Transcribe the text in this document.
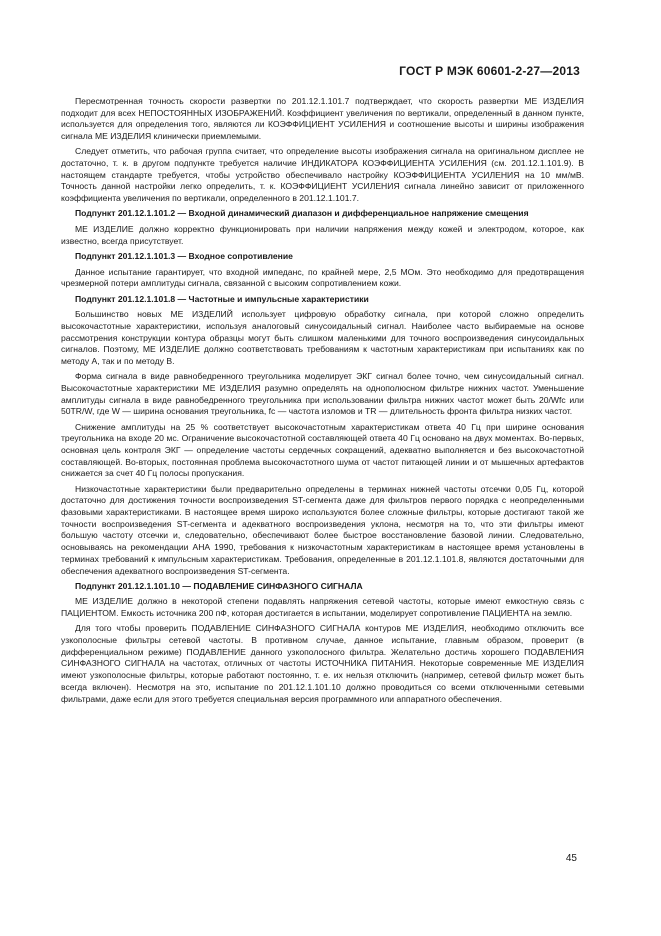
ГОСТ Р МЭК 60601-2-27—2013

Пересмотренная точность скорости развертки по 201.12.1.101.7 подтверждает, что скорость развертки МЕ ИЗДЕЛИЯ подходит для всех НЕПОСТОЯННЫХ ИЗОБРАЖЕНИЙ. Коэффициент увеличения по вертикали, определенный в данном пункте, используется для определения того, являются ли КОЭФФИЦИЕНТ УСИЛЕНИЯ и соотношение высоты и ширины изображения сигнала МЕ ИЗДЕЛИЯ клинически приемлемыми.

Следует отметить, что рабочая группа считает, что определение высоты изображения сигнала на оригинальном дисплее не достаточно, т. к. в другом подпункте требуется наличие ИНДИКАТОРА КОЭФФИЦИЕНТА УСИЛЕНИЯ (см. 201.12.1.101.9). В настоящем стандарте требуется, чтобы устройство обеспечивало настройку КОЭФФИЦИЕНТА УСИЛЕНИЯ на 10 мм/мВ. Точность данной настройки легко определить, т. к. КОЭФФИЦИЕНТ УСИЛЕНИЯ сигнала линейно зависит от приложенного коэффициента увеличения по вертикали, определенного в 201.12.1.101.7.

Подпункт 201.12.1.101.2 — Входной динамический диапазон и дифференциальное напряжение смещения

МЕ ИЗДЕЛИЕ должно корректно функционировать при наличии напряжения между кожей и электродом, которое, как известно, всегда присутствует.

Подпункт 201.12.1.101.3 — Входное сопротивление

Данное испытание гарантирует, что входной импеданс, по крайней мере, 2,5 МОм. Это необходимо для предотвращения чрезмерной потери амплитуды сигнала, связанной с высоким сопротивлением кожи.

Подпункт 201.12.1.101.8 — Частотные и импульсные характеристики

Большинство новых МЕ ИЗДЕЛИЙ использует цифровую обработку сигнала, при которой сложно определить высокочастотные характеристики, используя аналоговый синусоидальный сигнал. Наиболее часто выбираемые на основе рассмотрения конструкции контура образцы могут быть слишком маленькими для точного воспроизведения синусоидальных сигналов. Поэтому, МЕ ИЗДЕЛИЕ должно соответствовать требованиям к частотным характеристикам при испытаниях как по методу А, так и по методу В.

Форма сигнала в виде равнобедренного треугольника моделирует ЭКГ сигнал более точно, чем синусоидальный сигнал. Высокочастотные характеристики МЕ ИЗДЕЛИЯ разумно определять на однополюсном фильтре нижних частот. Уменьшение амплитуды сигнала в виде равнобедренного треугольника при использовании фильтра нижних частот может быть 20/Wfc или 50TR/W, где W — ширина основания треугольника, fc — частота изломов и TR — длительность фронта фильтра низких частот.

Снижение амплитуды на 25 % соответствует высокочастотным характеристикам ответа 40 Гц при ширине основания треугольника на входе 20 мс. Ограничение высокочастотной составляющей ответа 40 Гц основано на двух моментах. Во-первых, основная цель контроля ЭКГ — определение частоты сердечных сокращений, адекватно выполняется и без высокочастотной составляющей. Во-вторых, постоянная проблема высокочастотного шума от частот питающей линии и от мышечных артефактов снижается за счет 40 Гц полосы пропускания.

Низкочастотные характеристики были предварительно определены в терминах нижней частоты отсечки 0,05 Гц, которой достаточно для достижения точности воспроизведения ST-сегмента даже для фильтров первого порядка с неопределенными фазовыми характеристиками. В настоящее время широко используются более сложные фильтры, которые достигают такой же точности воспроизведения ST-сегмента и адекватного воспроизведения уклона, несмотря на то, что эти фильтры имеют большую частоту отсечки и, следовательно, обеспечивают более быстрое восстановление базовой линии. Следовательно, основываясь на рекомендации АНА 1990, требования к низкочастотным характеристикам в настоящее время установлены в терминах требований к импульсным характеристикам. Требования, определенные в 201.12.1.101.8, являются достаточными для обеспечения адекватного воспроизведения ST-сегмента.

Подпункт 201.12.1.101.10 — ПОДАВЛЕНИЕ СИНФАЗНОГО СИГНАЛА

МЕ ИЗДЕЛИЕ должно в некоторой степени подавлять напряжения сетевой частоты, которые имеют емкостную связь с ПАЦИЕНТОМ. Емкость источника 200 пФ, которая достигается в испытании, моделирует сопротивление ПАЦИЕНТА на землю.

Для того чтобы проверить ПОДАВЛЕНИЕ СИНФАЗНОГО СИГНАЛА контуров МЕ ИЗДЕЛИЯ, необходимо отключить все узкополосные фильтры сетевой частоты. В противном случае, данное испытание, главным образом, проверит (в дифференциальном режиме) ПОДАВЛЕНИЕ данного узкополосного фильтра. Желательно достичь хорошего ПОДАВЛЕНИЯ СИНФАЗНОГО СИГНАЛА на частотах, отличных от частоты ИСТОЧНИКА ПИТАНИЯ. Некоторые современные МЕ ИЗДЕЛИЯ имеют узкополосные фильтры, которые работают постоянно, т. е. их нельзя отключить (например, сетевой фильтр может быть всегда включен). Несмотря на это, испытание по 201.12.1.101.10 должно проводиться со всеми отключенными сетевыми фильтрами, даже если для этого требуется специальная версия программного или аппаратного обеспечения.

45
